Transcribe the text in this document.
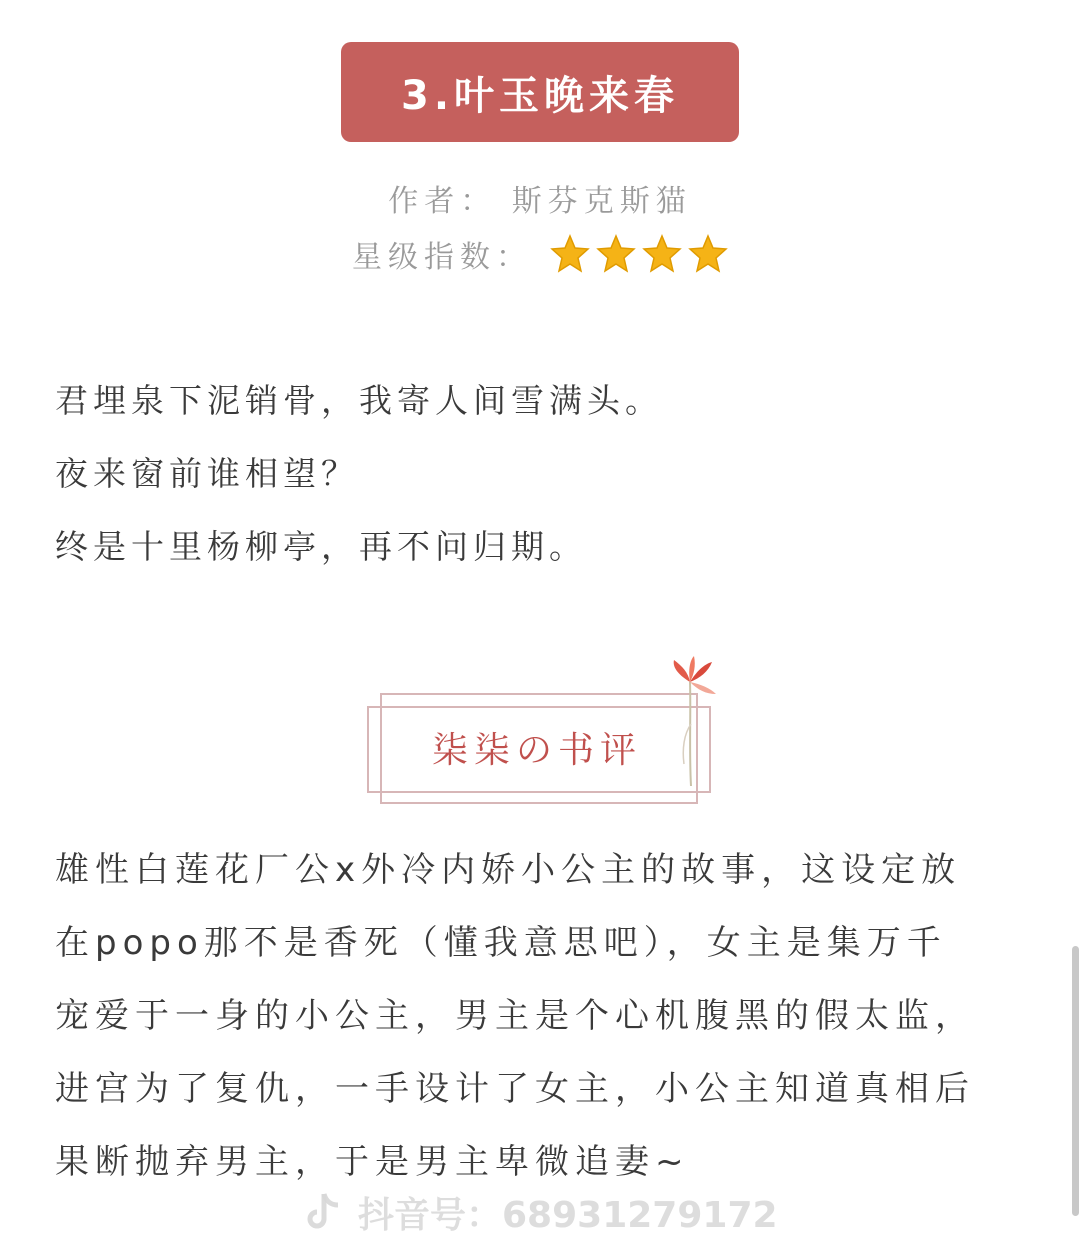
3.叶玉晚来春
作者： 斯芬克斯猫
星级指数：
君埋泉下泥销骨，我寄人间雪满头。
夜来窗前谁相望？
终是十里杨柳亭，再不问归期。
柒柒の书评
雄性白莲花厂公x外冷内娇小公主的故事，这设定放
在popo那不是香死（懂我意思吧），女主是集万千
宠爱于一身的小公主，男主是个心机腹黑的假太监，
进宫为了复仇，一手设计了女主，小公主知道真相后
果断抛弃男主，于是男主卑微追妻~
抖音号：68931279172
